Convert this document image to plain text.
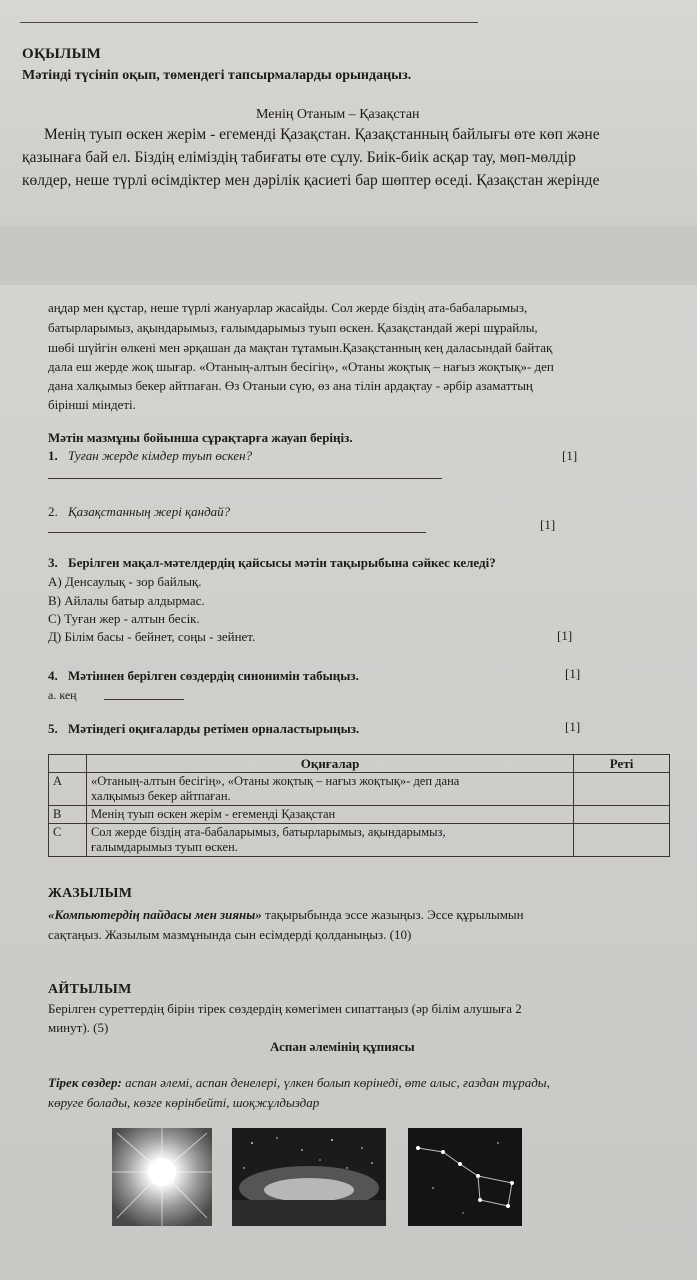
ОҚЫЛЫМ
Мәтінді түсініп оқып, төмендегі тапсырмаларды орындаңыз.
Менің Отаным – Қазақстан
Менің туып өскен жерім - егеменді Қазақстан. Қазақстанның байлығы өте көп және
қазынаға бай ел. Біздің еліміздің табиғаты өте сұлу. Биік-биік асқар тау, мөп-мөлдір
көлдер, неше түрлі өсімдіктер мен дәрілік қасиеті бар шөптер өседі. Қазақстан жерінде
аңдар мен құстар, неше түрлі жануарлар жасайды. Сол жерде біздің ата-бабаларымыз,
батырларымыз, ақындарымыз, ғалымдарымыз туып өскен. Қазақстандай жері шұрайлы,
шөбі шүйгін өлкені мен әрқашан да мақтан тұтамын.Қазақстанның кең даласындай байтақ
дала еш жерде жоқ шығар. «Отаның-алтын бесігің», «Отаны жоқтық – нағыз жоқтық»- деп
дана халқымыз бекер айтпаған. Өз Отаныи сүю, өз ана тілін ардақтау - әрбір азаматтың
бірінші міндеті.
Мәтін мазмұны бойынша сұрақтарға жауап беріңіз.
1. Туған жерде кімдер туып өскен?	[1]
2. Қазақстанның жері қандай?
[1]
3. Берілген мақал-мәтелдердің қайсысы мәтін тақырыбына сәйкес келеді?
А) Денсаулық - зор байлық.
В) Айлалы батыр алдырмас.
С) Туған жер - алтын бесік.
Д) Білім басы - бейнет, соңы - зейнет.	[1]
4. Мәтіннен берілген сөздердің синонимін табыңыз.	[1]
а. кең
5. Мәтіндегі оқиғаларды ретімен орналастырыңыз.	[1]
	Оқиғалар	Реті
A	«Отаның-алтын бесігің», «Отаны жоқтық – нағыз жоқтық»- деп дана
халқымыз бекер айтпаған.	

B	Менің туып өскен жерім - егеменді Қазақстан	

C	Сол жерде біздің ата-бабаларымыз, батырларымыз, ақындарымыз,
ғалымдарымыз туып өскен.	

ЖАЗЫЛЫМ
«Компьютердің пайдасы мен зияны» тақырыбында эссе жазыңыз. Эссе құрылымын
сақтаңыз. Жазылым мазмұнында сын есімдерді қолданыңыз. (10)
АЙТЫЛЫМ
Берілген суреттердің бірін тірек сөздердің көмегімен сипаттаңыз (әр білім алушыға 2
минут). (5)
Аспан әлемінің құпиясы
Тірек сөздер: аспан әлемі, аспан денелері, үлкен болып көрінеді, өте алыс, ғаздан тұрады,
көруге болады, көзге көрінбейті, шоқжұлдыздар
